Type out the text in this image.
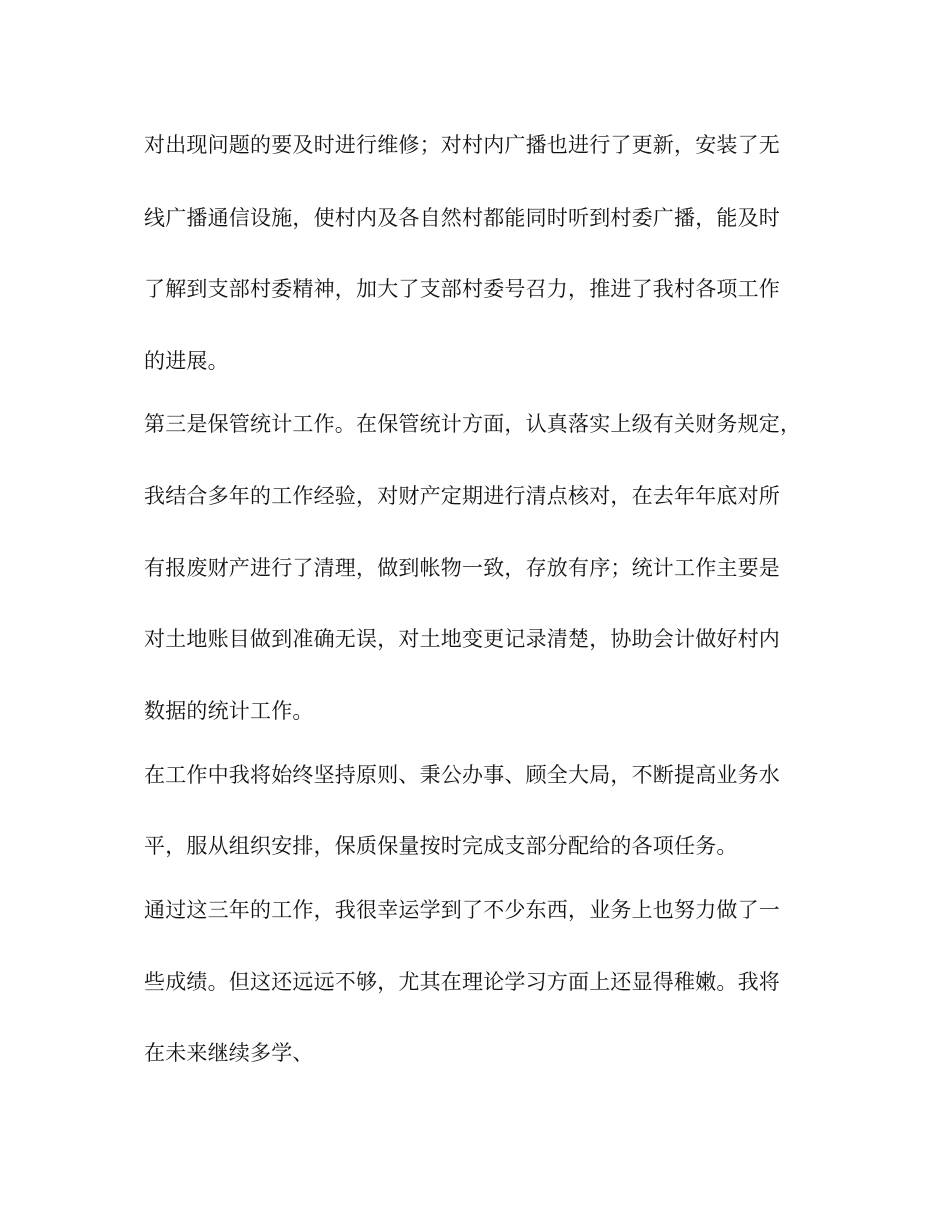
对出现问题的要及时进行维修；对村内广播也进行了更新，安装了无
线广播通信设施，使村内及各自然村都能同时听到村委广播，能及时
了解到支部村委精神，加大了支部村委号召力，推进了我村各项工作
的进展。
第三是保管统计工作。在保管统计方面，认真落实上级有关财务规定，
我结合多年的工作经验，对财产定期进行清点核对，在去年年底对所
有报废财产进行了清理，做到帐物一致，存放有序；统计工作主要是
对土地账目做到准确无误，对土地变更记录清楚，协助会计做好村内
数据的统计工作。
在工作中我将始终坚持原则、秉公办事、顾全大局，不断提高业务水
平，服从组织安排，保质保量按时完成支部分配给的各项任务。
通过这三年的工作，我很幸运学到了不少东西，业务上也努力做了一
些成绩。但这还远远不够，尤其在理论学习方面上还显得稚嫩。我将
在未来继续多学、
